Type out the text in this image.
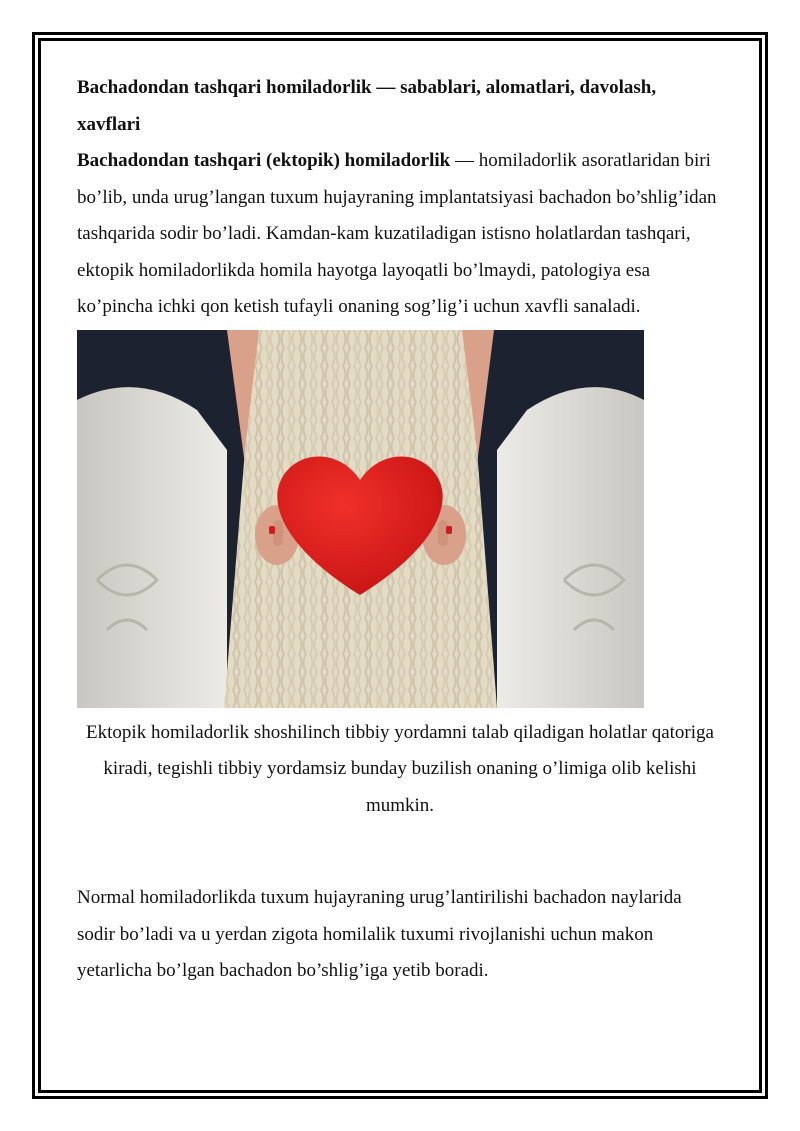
Bachadondan tashqari homiladorlik — sabablari, alomatlari, davolash, xavflari

Bachadondan tashqari (ektopik) homiladorlik — homiladorlik asoratlaridan biri bo’lib, unda urug’langan tuxum hujayraning implantatsiyasi bachadon bo’shlig’idan tashqarida sodir bo’ladi. Kamdan-kam kuzatiladigan istisno holatlardan tashqari, ektopik homiladorlikda homila hayotga layoqatli bo’lmaydi, patologiya esa ko’pincha ichki qon ketish tufayli onaning sog’lig’i uchun xavfli sanaladi.

Ektopik homiladorlik shoshilinch tibbiy yordamni talab qiladigan holatlar qatoriga kiradi, tegishli tibbiy yordamsiz bunday buzilish onaning o’limiga olib kelishi mumkin.

Normal homiladorlikda tuxum hujayraning urug’lantirilishi bachadon naylarida sodir bo’ladi va u yerdan zigota homilalik tuxumi rivojlanishi uchun makon yetarlicha bo’lgan bachadon bo’shlig’iga yetib boradi.
